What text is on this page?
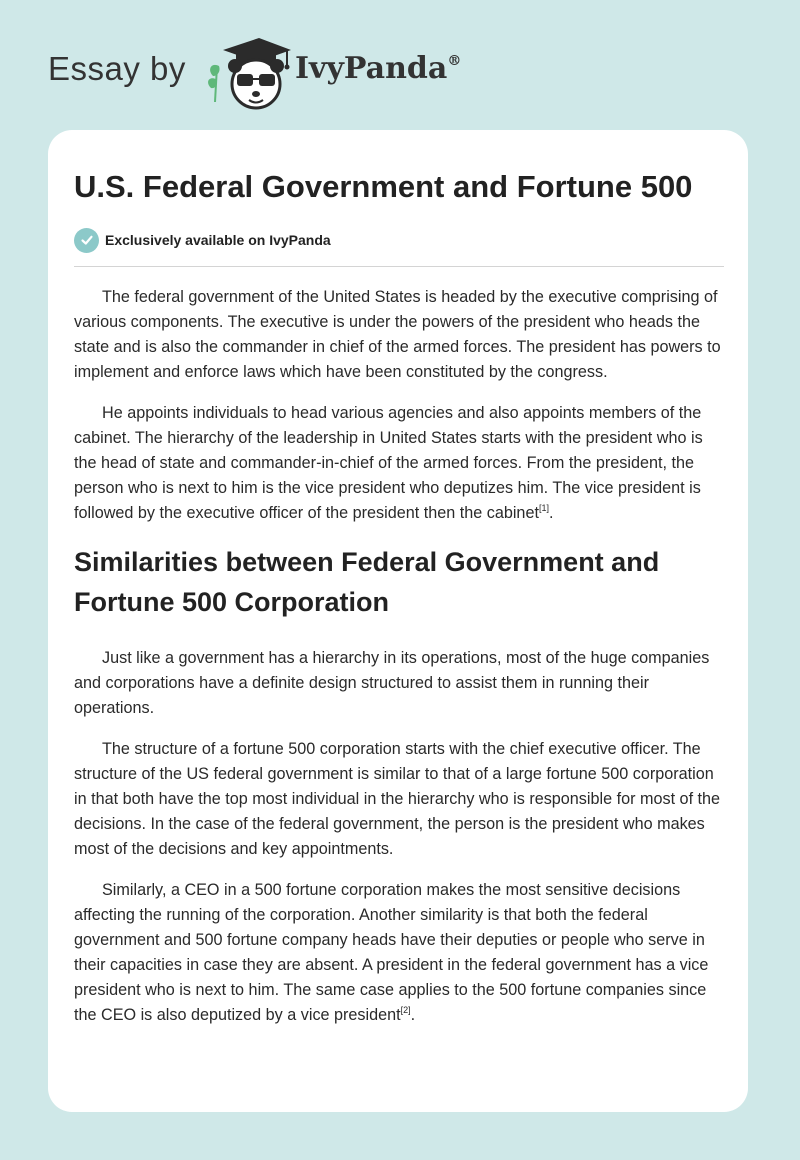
Essay by	IvyPanda®
U.S. Federal Government and Fortune 500
Exclusively available on IvyPanda

The federal government of the United States is headed by the executive comprising of various components. The executive is under the powers of the president who heads the state and is also the commander in chief of the armed forces. The president has powers to implement and enforce laws which have been constituted by the congress.

He appoints individuals to head various agencies and also appoints members of the cabinet. The hierarchy of the leadership in United States starts with the president who is the head of state and commander-in-chief of the armed forces. From the president, the person who is next to him is the vice president who deputizes him. The vice president is followed by the executive officer of the president then the cabinet[1].

Similarities between Federal Government and Fortune 500 Corporation

Just like a government has a hierarchy in its operations, most of the huge companies and corporations have a definite design structured to assist them in running their operations.

The structure of a fortune 500 corporation starts with the chief executive officer. The structure of the US federal government is similar to that of a large fortune 500 corporation in that both have the top most individual in the hierarchy who is responsible for most of the decisions. In the case of the federal government, the person is the president who makes most of the decisions and key appointments.

Similarly, a CEO in a 500 fortune corporation makes the most sensitive decisions affecting the running of the corporation. Another similarity is that both the federal government and 500 fortune company heads have their deputies or people who serve in their capacities in case they are absent. A president in the federal government has a vice president who is next to him. The same case applies to the 500 fortune companies since the CEO is also deputized by a vice president[2].
